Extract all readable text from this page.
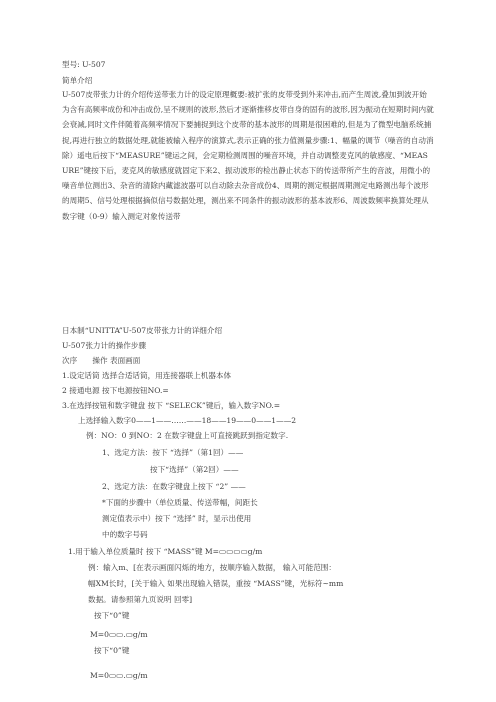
型号: U-507
简单介绍

U-507皮带张力计的介绍传送带张力计的设定原理概要:被扩张的皮带受到外来冲击,而产生周波,叠加到波开始为含有高频率成份和冲击成份,呈不规则的波形,然后才逐渐推移皮带自身的固有的波形,因为振动在短期时间内就会衰减,同时文件伴随着高频率情况下要捕捉到这个皮带的基本波形的周期是很困难的,但是为了微型电脑系统捕捉,再进行独立的数据处理,就能被输入程序的演算式,表示正确的张力值测量步骤:1、幅量的调节（噪音的自动消除）遥电后按下“MEASURE”键运之间，会定期检测周围的噪音环境，并自动调整麦克风的敏感度、“MEASURE”键按下后，麦克风的敏感度就固定下来2、振动波形的检出静止状态下的传送带所产生的音波，用微小的噪音单位测出3、杂音的清除内藏滤波器可以自动除去杂音成份4、周期的测定根据周期测定电路测出每个波形的周期5、信号处理根据摘似信号数据处理，测出来不同条件的振动波形的基本波形6、周波数频率换算处理从数字键（0-9）输入测定对象传送带

日本制“UNITTA”U-507皮带张力计的详细介绍
U-507张力计的操作步骤
次序　　操作 表面画面
1.设定话筒 选择合适话筒，用连接器联上机器本体
2 接通电源 按下电源按钮NO.=
3.在选择按钮和数字键盘 按下 “SELECK”键后，输入数字NO.=
上选择输入数字0——1——……——18——19——0——1——2
例：NO：0 到NO：2 在数字键盘上可直接跳跃到指定数字.
1、选定方法：按下 “选择”（第1回）——
按下“选择”（第2回）——
2、选定方法：在数字键盘上按下 “2” ——
*下面的步骤中（单位质量、传送带幅，间距长
测定值表示中）按下 “选择” 时，显示出使用
中的数字号码
1.用于输入单位质量时 按下 “MASS”键 M=▭▭▭▭g/m
例：输入m、[在表示画面闪烁的地方，按顺序输入数据， 输入可能范围：
幅XM长时，[关于输入 如果出现输入错误，重按 “MASS”键，光标符~mm
数据。请参照第九页说明 回零]
按下“0”键
M=0▭▭.▭g/m
按下“0”键
M=0▭▭.▭g/m
